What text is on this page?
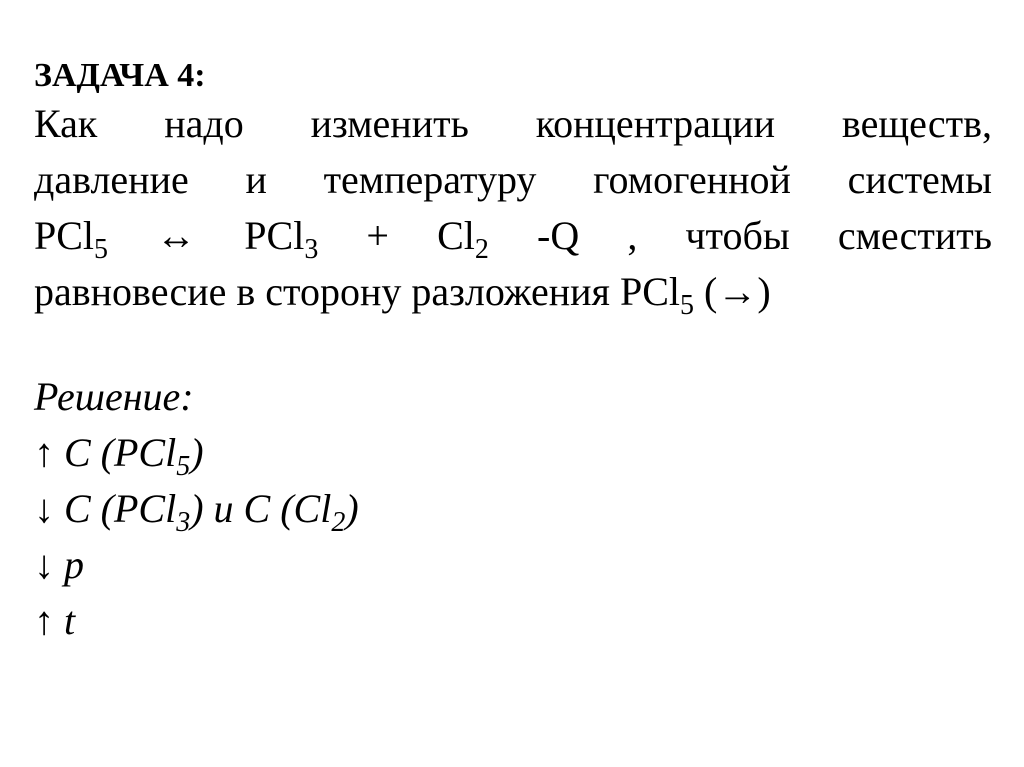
ЗАДАЧА 4:
Как надо изменить концентрации веществ,
давление и температуру гомогенной системы
PCl$_5$ ↔ $PCl_3 + Cl_2$ -Q , чтобы сместить
равновесие в сторону разложения PCl$_5$ (→)
Решение:
↑ C (PCl$_5$)
↓ C (PCl$_3$) и C $(Cl_2)$
↓ p
↑ t
